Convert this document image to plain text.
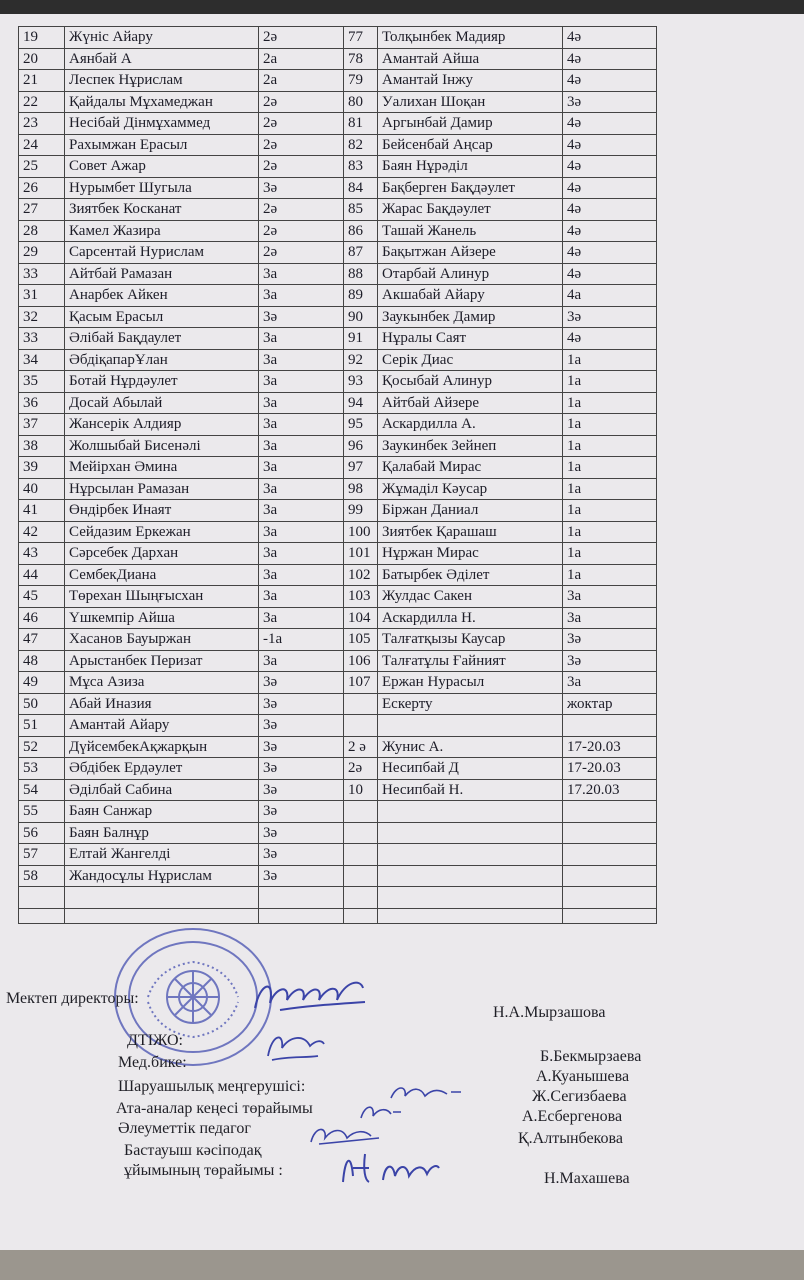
19	Жүніс Айару	2ә	77	Толқынбек Мадияр	4ә
20	Аянбай А	2а	78	Амантай Айша	4ә
21	Леспек Нұрислам	2а	79	Амантай Інжу	4ә
22	Қайдалы Мұхамеджан	2ә	80	Уалихан Шоқан	3ә
23	Несібай Дінмұхаммед	2ә	81	Аргынбай Дамир	4ә
24	Рахымжан Ерасыл	2ә	82	Бейсенбай Аңсар	4ә
25	Совет Ажар	2ә	83	Баян Нұрәділ	4ә
26	Нурымбет Шугыла	3ә	84	Бақберген Бақдәулет	4ә
27	Зиятбек Косканат	2ә	85	Жарас Бақдәулет	4ә
28	Камел Жазира	2ә	86	Ташай Жанель	4ә
29	Сарсентай Нурислам	2ә	87	Бақытжан Айзере	4ә
33	Айтбай Рамазан	3а	88	Отарбай Алинур	4ә
31	Анарбек Айкен	3а	89	Акшабай Айару	4а
32	Қасым Ерасыл	3ә	90	Заукынбек Дамир	3ә
33	Әлібай Бақдаулет	3а	91	Нұралы Саят	4ә
34	ӘбдіқапарҰлан	3а	92	Серік Диас	1а
35	Ботай Нұрдәулет	3а	93	Қосыбай Алинур	1а
36	Досай Абылай	3а	94	Айтбай Айзере	1а
37	Жансерік Алдияр	3а	95	Аскардилла А.	1а
38	Жолшыбай Бисенәлі	3а	96	Заукинбек Зейнеп	1а
39	Мейірхан Әмина	3а	97	Қалабай Мирас	1а
40	Нұрсылан Рамазан	3а	98	Жұмаділ Кәусар	1а
41	Өндірбек Инаят	3а	99	Біржан Даниал	1а
42	Сейдазим Еркежан	3а	100	Зиятбек Қарашаш	1а
43	Сәрсебек Дархан	3а	101	Нұржан Мирас	1а
44	СембекДиана	3а	102	Батырбек Әділет	1а
45	Төрехан Шыңғысхан	3а	103	Жулдас Сакен	3а
46	Үшкемпір Айша	3а	104	Аскардилла Н.	3а
47	Хасанов Бауыржан	-1а	105	Талғатқызы Каусар	3ә
48	Арыстанбек Перизат	3а	106	Талғатұлы Ғайният	3ә
49	Мұса Азиза	3ә	107	Ержан Нурасыл	3а
50	Абай Иназия	3ә		Ескерту	жоктар
51	Амантай Айару	3ә			
52	ДүйсембекАқжарқын	3ә	2 ә	Жунис А.	17-20.03
53	Әбдібек Ердәулет	3ә	2ә	Несипбай Д	17-20.03
54	Әділбай Сабина	3ә	10	Несипбай Н.	17.20.03
55	Баян Санжар	3ә			
56	Баян Балнұр	3ә			
57	Елтай Жангелді	3ә			
58	Жандосұлы Нұрислам	3ә			

Мектеп директоры:
Н.А.Мырзашова
ДТІЖО:
Б.Бекмырзаева
Мед.бике:
А.Куанышева
Шаруашылық меңгерушісі:
Ж.Сегизбаева
Ата-аналар кеңесі төрайымы	А.Есбергенова
Әлеуметтік педагог
Қ.Алтынбекова
Бастауыш кәсіподақ
ұйымының төрайымы :	Н.Махашева
